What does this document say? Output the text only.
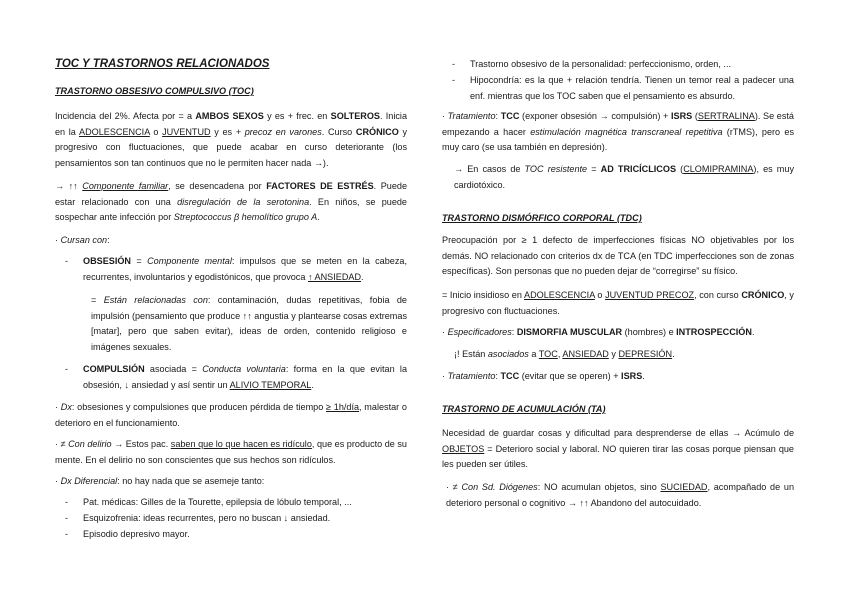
TOC Y TRASTORNOS RELACIONADOS
TRASTORNO OBSESIVO COMPULSIVO (TOC)
Incidencia del 2%. Afecta por = a AMBOS SEXOS y es + frec. en SOLTEROS. Inicia en la ADOLESCENCIA o JUVENTUD y es + precoz en varones. Curso CRÓNICO y progresivo con fluctuaciones, que puede acabar en curso deteriorante (los pensamientos son tan continuos que no le permiten hacer nada →).
→ ↑↑ Componente familiar, se desencadena por FACTORES DE ESTRÉS. Puede estar relacionado con una disregulación de la serotonina. En niños, se puede sospechar ante infección por Streptococcus β hemolítico grupo A.
· Cursan con:
- OBSESIÓN = Componente mental: impulsos que se meten en la cabeza, recurrentes, involuntarios y egodistónicos, que provoca ↑ ANSIEDAD.
= Están relacionadas con: contaminación, dudas repetitivas, fobia de impulsión (pensamiento que produce ↑↑ angustia y plantearse cosas extremas [matar], pero que saben evitar), ideas de orden, contenido religioso e imágenes sexuales.
- COMPULSIÓN asociada = Conducta voluntaria: forma en la que evitan la obsesión, ↓ ansiedad y así sentir un ALIVIO TEMPORAL.
· Dx: obsesiones y compulsiones que producen pérdida de tiempo ≥ 1h/día, malestar o deterioro en el funcionamiento.
· ≠ Con delirio → Estos pac. saben que lo que hacen es ridículo, que es producto de su mente. En el delirio no son conscientes que sus hechos son ridículos.
· Dx Diferencial: no hay nada que se asemeje tanto:
- Pat. médicas: Gilles de la Tourette, epilepsia de lóbulo temporal, ...
- Esquizofrenia: ideas recurrentes, pero no buscan ↓ ansiedad.
- Episodio depresivo mayor.
- Trastorno obsesivo de la personalidad: perfeccionismo, orden, ...
- Hipocondría: es la que + relación tendría. Tienen un temor real a padecer una enf. mientras que los TOC saben que el pensamiento es absurdo.
· Tratamiento: TCC (exponer obsesión → compulsión) + ISRS (SERTRALINA). Se está empezando a hacer estimulación magnética transcraneal repetitiva (rTMS), pero es muy caro (se usa también en depresión).
→ En casos de TOC resistente = AD TRICÍCLICOS (CLOMIPRAMINA), es muy cardiotóxico.
TRASTORNO DISMÓRFICO CORPORAL (TDC)
Preocupación por ≥ 1 defecto de imperfecciones físicas NO objetivables por los demás. NO relacionado con criterios dx de TCA (en TDC imperfecciones son de zonas específicas). Son personas que no pueden dejar de “corregirse” su físico.
= Inicio insidioso en ADOLESCENCIA o JUVENTUD PRECOZ, con curso CRÓNICO, y progresivo con fluctuaciones.
· Especificadores: DISMORFIA MUSCULAR (hombres) e INTROSPECCIÓN.
¡! Están asociados a TOC, ANSIEDAD y DEPRESIÓN.
· Tratamiento: TCC (evitar que se operen) + ISRS.
TRASTORNO DE ACUMULACIÓN (TA)
Necesidad de guardar cosas y dificultad para desprenderse de ellas → Acúmulo de OBJETOS = Deterioro social y laboral. NO quieren tirar las cosas porque piensan que les pueden ser útiles.
· ≠ Con Sd. Diógenes: NO acumulan objetos, sino SUCIEDAD, acompañado de un deterioro personal o cognitivo → ↑↑ Abandono del autocuidado.
